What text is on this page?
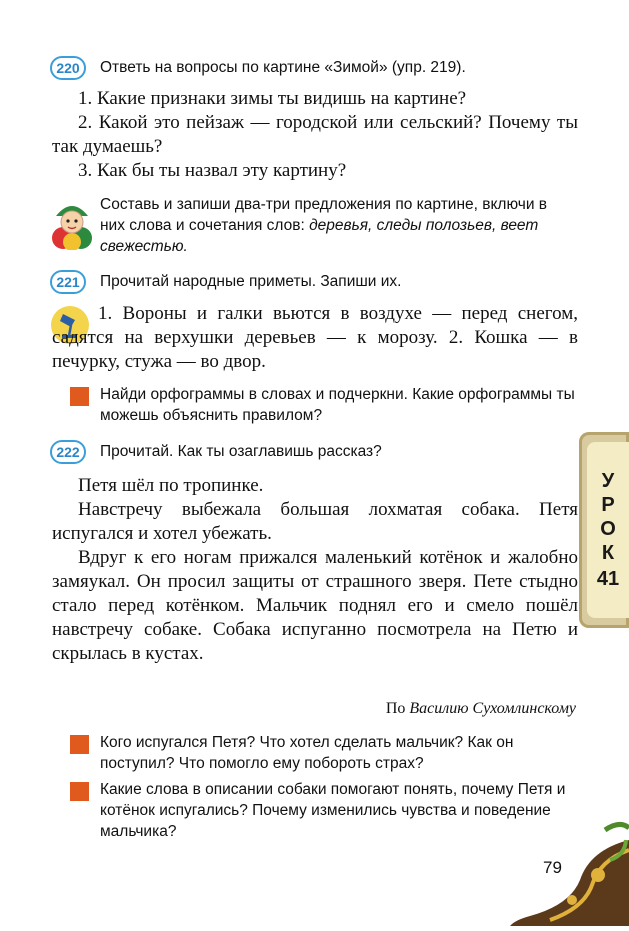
220	Ответь на вопросы по картине «Зимой» (упр. 219).
1. Какие признаки зимы ты видишь на картине?
2. Какой это пейзаж — городской или сельский? Почему ты так думаешь?
3. Как бы ты назвал эту картину?
Составь и запиши два-три предложения по картине, включи в них слова и сочетания слов: деревья, следы полозьев, веет свежестью.
221	Прочитай народные приметы. Запиши их.
1. Вороны и галки вьются в воздухе — перед снегом, садятся на верхушки деревьев — к морозу. 2. Кошка — в печурку, стужа — во двор.
Найди орфограммы в словах и подчеркни. Какие орфограммы ты можешь объяснить правилом?
222	Прочитай. Как ты озаглавишь рассказ?
Петя шёл по тропинке.
Навстречу выбежала большая лохматая собака. Петя испугался и хотел убежать.
Вдруг к его ногам прижался маленький котёнок и жалобно замяукал. Он просил защиты от страшного зверя. Пете стыдно стало перед котёнком. Мальчик поднял его и смело пошёл навстречу собаке. Собака испуганно посмотрела на Петю и скрылась в кустах.
По Василию Сухомлинскому
Кого испугался Петя? Что хотел сделать мальчик? Как он поступил? Что помогло ему побороть страх?
Какие слова в описании собаки помогают понять, почему Петя и котёнок испугались? Почему изменились чувства и поведение мальчика?
У
Р
О
К
41
79
